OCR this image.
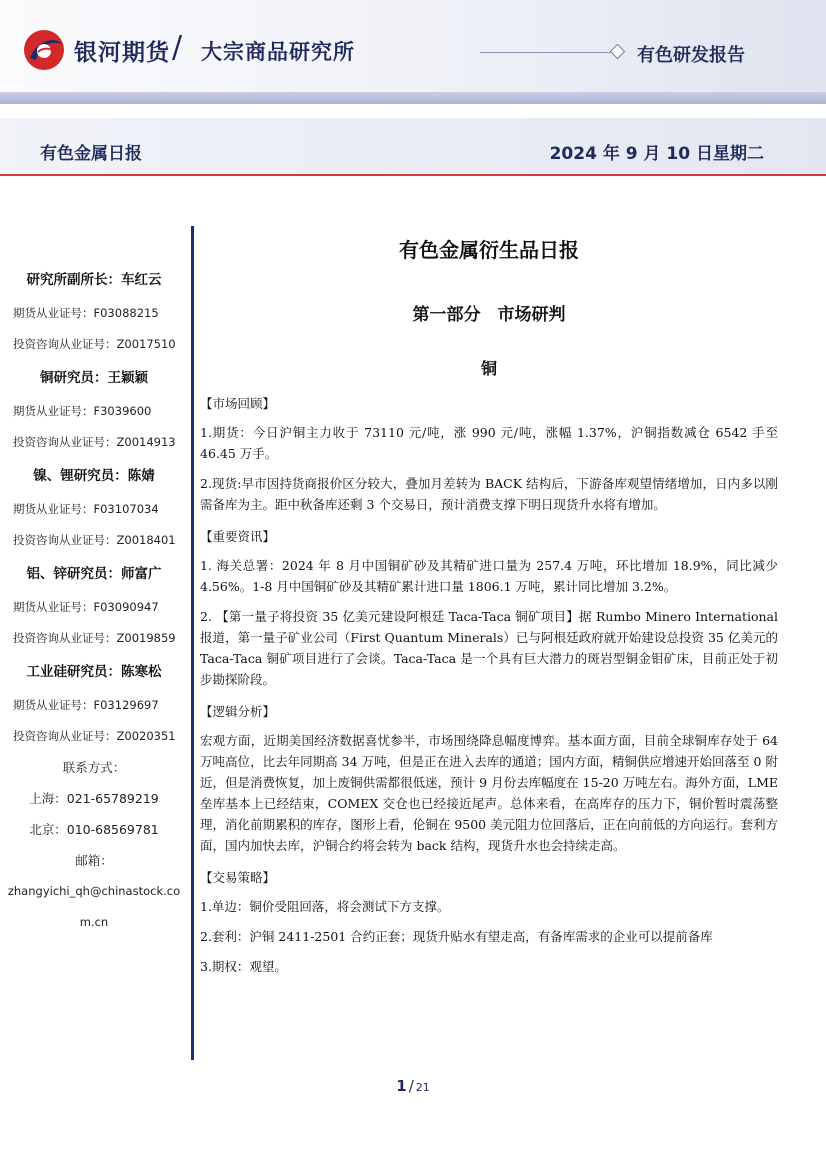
银河期货 / 大宗商品研究所	有色研发报告
有色金属日报	2024 年 9 月 10 日星期二
研究所副所长：车红云
期货从业证号：F03088215
投资咨询从业证号：Z0017510
铜研究员：王颖颖
期货从业证号：F3039600
投资咨询从业证号：Z0014913
镍、锂研究员：陈婧
期货从业证号：F03107034
投资咨询从业证号：Z0018401
铝、锌研究员：师富广
期货从业证号：F03090947
投资咨询从业证号：Z0019859
工业硅研究员：陈寒松
期货从业证号：F03129697
投资咨询从业证号：Z0020351
联系方式：
上海：021-65789219
北京：010-68569781
邮箱：
zhangyichi_qh@chinastock.com.cn
有色金属衍生品日报
第一部分　市场研判
铜
【市场回顾】
1.期货：今日沪铜主力收于 73110 元/吨，涨 990 元/吨，涨幅 1.37%，沪铜指数减仓 6542 手至 46.45 万手。
2.现货:早市因持货商报价区分较大，叠加月差转为 BACK 结构后，下游备库观望情绪增加，日内多以刚需备库为主。距中秋备库还剩 3 个交易日，预计消费支撑下明日现货升水将有增加。
【重要资讯】
1. 海关总署：2024 年 8 月中国铜矿砂及其精矿进口量为 257.4 万吨，环比增加 18.9%，同比减少 4.56%。1-8 月中国铜矿砂及其精矿累计进口量 1806.1 万吨，累计同比增加 3.2%。
2. 【第一量子将投资 35 亿美元建设阿根廷 Taca-Taca 铜矿项目】据 Rumbo Minero International 报道，第一量子矿业公司（First Quantum Minerals）已与阿根廷政府就开始建设总投资 35 亿美元的 Taca-Taca 铜矿项目进行了会谈。Taca-Taca 是一个具有巨大潜力的斑岩型铜金钼矿床，目前正处于初步勘探阶段。
【逻辑分析】
宏观方面，近期美国经济数据喜忧参半，市场围绕降息幅度博弈。基本面方面，目前全球铜库存处于 64 万吨高位，比去年同期高 34 万吨，但是正在进入去库的通道；国内方面，精铜供应增速开始回落至 0 附近，但是消费恢复，加上废铜供需都很低迷，预计 9 月份去库幅度在 15-20 万吨左右。海外方面，LME 垒库基本上已经结束，COMEX 交仓也已经接近尾声。总体来看，在高库存的压力下，铜价暂时震荡整理，消化前期累积的库存，图形上看，伦铜在 9500 美元阻力位回落后，正在向前低的方向运行。套利方面，国内加快去库，沪铜合约将会转为 back 结构，现货升水也会持续走高。
【交易策略】
1.单边：铜价受阻回落，将会测试下方支撑。
2.套利：沪铜 2411-2501 合约正套；现货升贴水有望走高，有备库需求的企业可以提前备库
3.期权：观望。
1 / 21
